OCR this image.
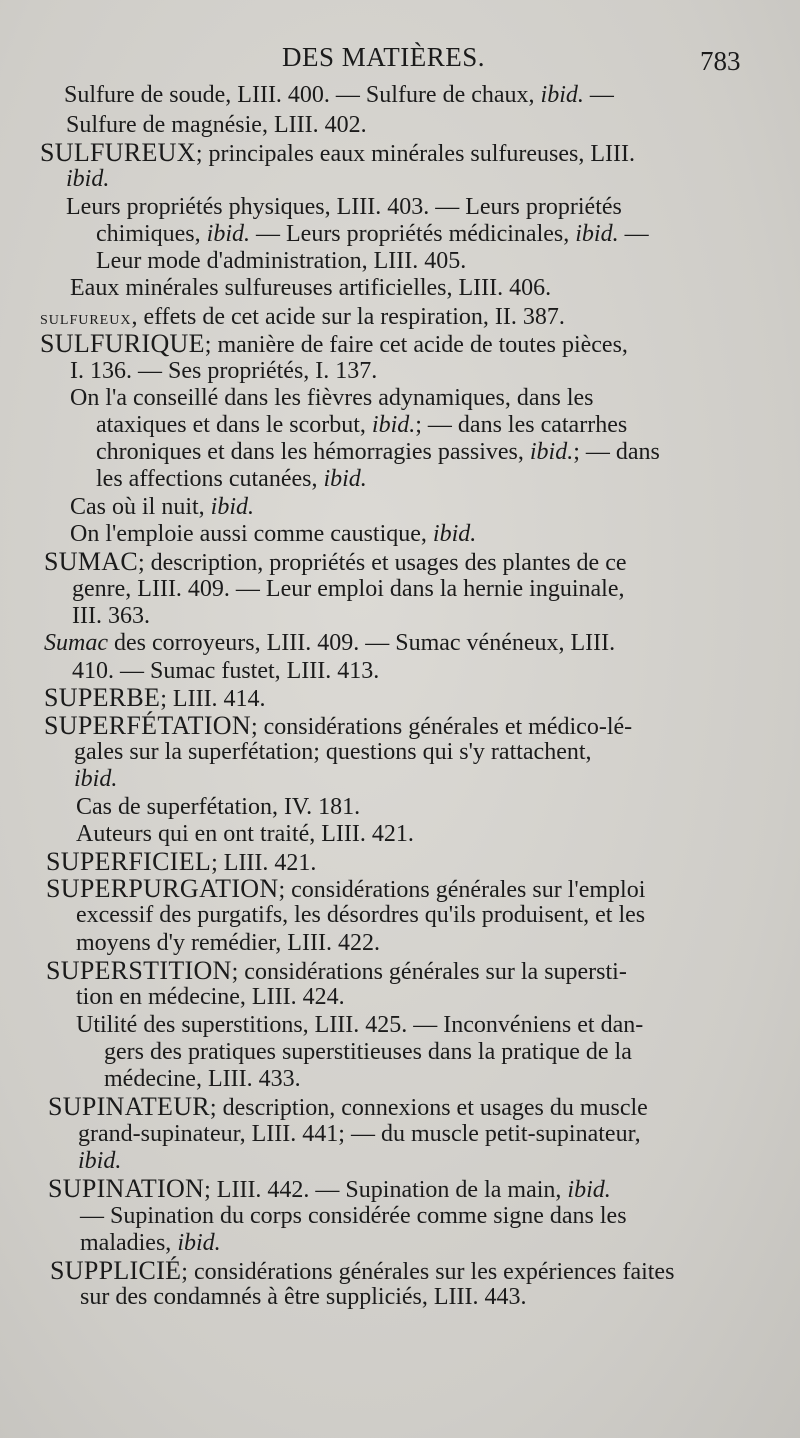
DES MATIÈRES.	783
Sulfure de soude, LIII. 400. — Sulfure de chaux, ibid. —
Sulfure de magnésie, LIII. 402.
SULFUREUX; principales eaux minérales sulfureuses, LIII.
ibid.
Leurs propriétés physiques, LIII. 403. — Leurs propriétés
chimiques, ibid. — Leurs propriétés médicinales, ibid. —
Leur mode d'administration, LIII. 405.
Eaux minérales sulfureuses artificielles, LIII. 406.
SULFUREUX, effets de cet acide sur la respiration, II. 387.
SULFURIQUE; manière de faire cet acide de toutes pièces,
I. 136. — Ses propriétés, I. 137.
On l'a conseillé dans les fièvres adynamiques, dans les
ataxiques et dans le scorbut, ibid.; — dans les catarrhes
chroniques et dans les hémorragies passives, ibid.; — dans
les affections cutanées, ibid.
Cas où il nuit, ibid.
On l'emploie aussi comme caustique, ibid.
SUMAC; description, propriétés et usages des plantes de ce
genre, LIII. 409. — Leur emploi dans la hernie inguinale,
III. 363.
Sumac des corroyeurs, LIII. 409. — Sumac vénéneux, LIII.
410. — Sumac fustet, LIII. 413.
SUPERBE; LIII. 414.
SUPERFÉTATION; considérations générales et médico-lé-
gales sur la superfétation; questions qui s'y rattachent,
ibid.
Cas de superfétation, IV. 181.
Auteurs qui en ont traité, LIII. 421.
SUPERFICIEL; LIII. 421.
SUPERPURGATION; considérations générales sur l'emploi
excessif des purgatifs, les désordres qu'ils produisent, et les
moyens d'y remédier, LIII. 422.
SUPERSTITION; considérations générales sur la supersti-
tion en médecine, LIII. 424.
Utilité des superstitions, LIII. 425. — Inconvéniens et dan-
gers des pratiques superstitieuses dans la pratique de la
médecine, LIII. 433.
SUPINATEUR; description, connexions et usages du muscle
grand-supinateur, LIII. 441; — du muscle petit-supinateur,
ibid.
SUPINATION; LIII. 442. — Supination de la main, ibid.
— Supination du corps considérée comme signe dans les
maladies, ibid.
SUPPLICIÉ; considérations générales sur les expériences faites
sur des condamnés à être suppliciés, LIII. 443.
